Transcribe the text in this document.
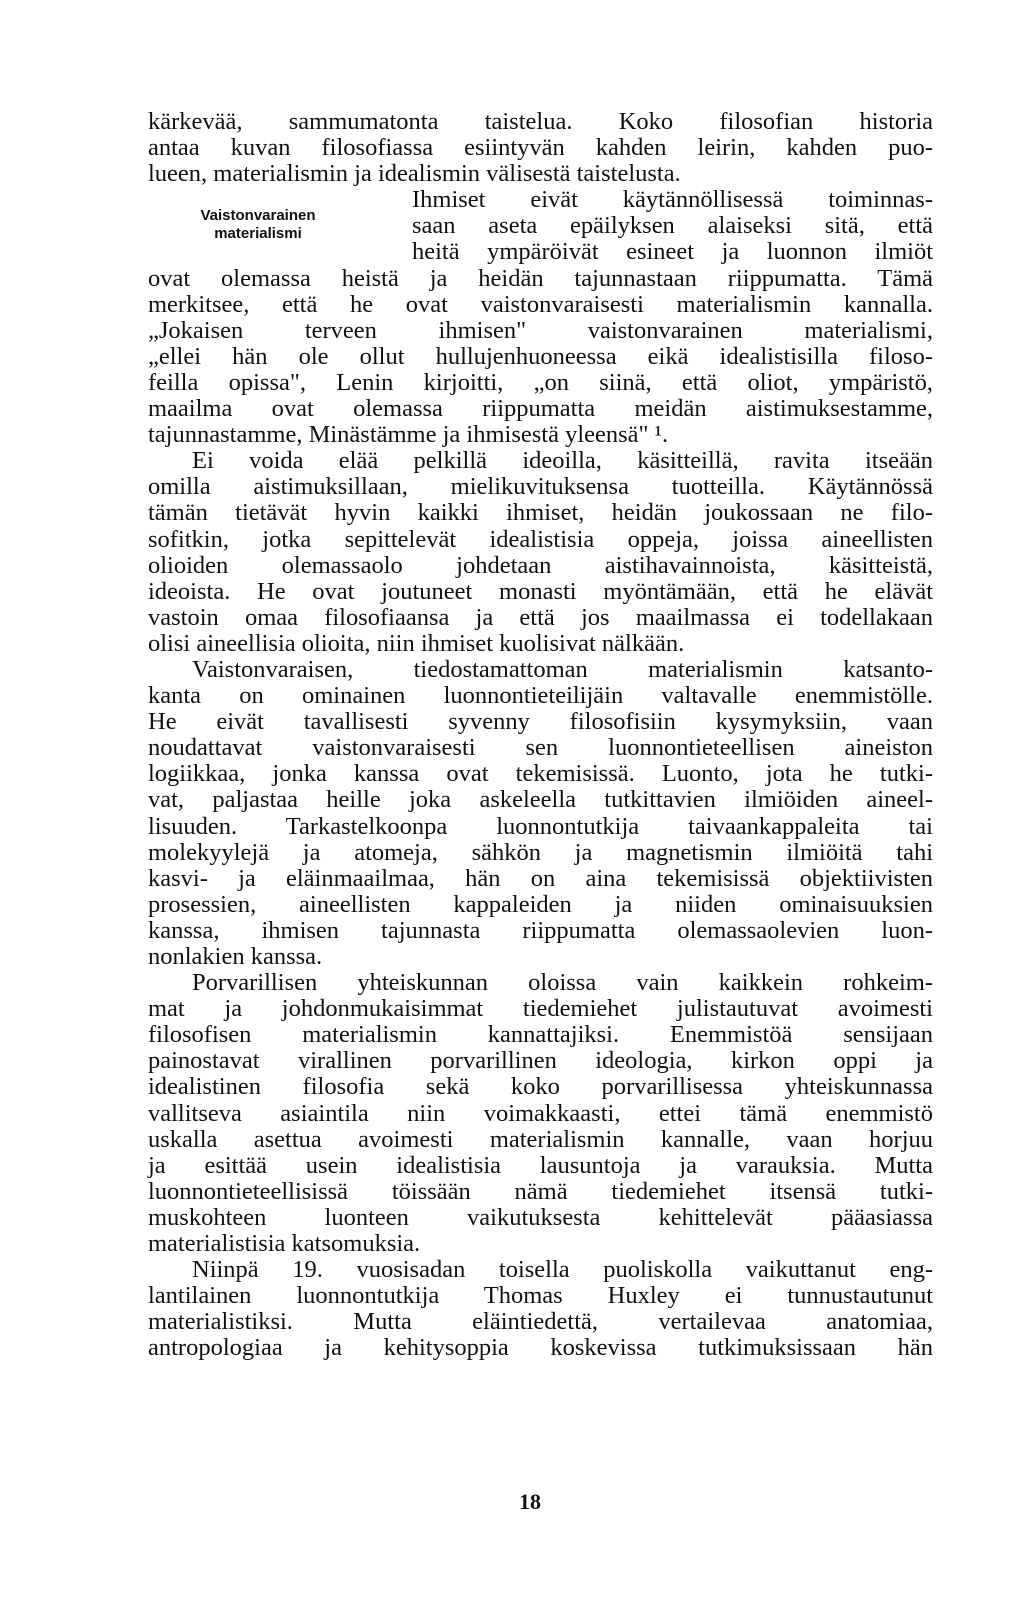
Vaistonvarainen
materialismi
kärkevää, sammumatonta taistelua. Koko filosofian historia
antaa kuvan filosofiassa esiintyvän kahden leirin, kahden puo-
lueen, materialismin ja idealismin välisestä taistelusta.
Ihmiset eivät käytännöllisessä toiminnas-
saan aseta epäilyksen alaiseksi sitä, että
heitä ympäröivät esineet ja luonnon ilmiöt
ovat olemassa heistä ja heidän tajunnastaan riippumatta. Tämä
merkitsee, että he ovat vaistonvaraisesti materialismin kannalla.
„Jokaisen terveen ihmisen" vaistonvarainen materialismi,
„ellei hän ole ollut hullujenhuoneessa eikä idealistisilla filoso-
feilla opissa", Lenin kirjoitti, „on siinä, että oliot, ympäristö,
maailma ovat olemassa riippumatta meidän aistimuksestamme,
tajunnastamme, Minästämme ja ihmisestä yleensä" ¹.
Ei voida elää pelkillä ideoilla, käsitteillä, ravita itseään
omilla aistimuksillaan, mielikuvituksensa tuotteilla. Käytännössä
tämän tietävät hyvin kaikki ihmiset, heidän joukossaan ne filo-
sofitkin, jotka sepittelevät idealistisia oppeja, joissa aineellisten
olioiden olemassaolo johdetaan aistihavainnoista, käsitteistä,
ideoista. He ovat joutuneet monasti myöntämään, että he elävät
vastoin omaa filosofiaansa ja että jos maailmassa ei todellakaan
olisi aineellisia olioita, niin ihmiset kuolisivat nälkään.
Vaistonvaraisen, tiedostamattoman materialismin katsanto-
kanta on ominainen luonnontieteilijäin valtavalle enemmistölle.
He eivät tavallisesti syvenny filosofisiin kysymyksiin, vaan
noudattavat vaistonvaraisesti sen luonnontieteellisen aineiston
logiikkaa, jonka kanssa ovat tekemisissä. Luonto, jota he tutki-
vat, paljastaa heille joka askeleella tutkittavien ilmiöiden aineel-
lisuuden. Tarkastelkoonpa luonnontutkija taivaankappaleita tai
molekyylejä ja atomeja, sähkön ja magnetismin ilmiöitä tahi
kasvi- ja eläinmaailmaa, hän on aina tekemisissä objektiivisten
prosessien, aineellisten kappaleiden ja niiden ominaisuuksien
kanssa, ihmisen tajunnasta riippumatta olemassaolevien luon-
nonlakien kanssa.
Porvarillisen yhteiskunnan oloissa vain kaikkein rohkeim-
mat ja johdonmukaisimmat tiedemiehet julistautuvat avoimesti
filosofisen materialismin kannattajiksi. Enemmistöä sensijaan
painostavat virallinen porvarillinen ideologia, kirkon oppi ja
idealistinen filosofia sekä koko porvarillisessa yhteiskunnassa
vallitseva asiaintila niin voimakkaasti, ettei tämä enemmistö
uskalla asettua avoimesti materialismin kannalle, vaan horjuu
ja esittää usein idealistisia lausuntoja ja varauksia. Mutta
luonnontieteellisissä töissään nämä tiedemiehet itsensä tutki-
muskohteen luonteen vaikutuksesta kehittelevät pääasiassa
materialistisia katsomuksia.
Niinpä 19. vuosisadan toisella puoliskolla vaikuttanut eng-
lantilainen luonnontutkija Thomas Huxley ei tunnustautunut
materialistiksi. Mutta eläintiedettä, vertailevaa anatomiaa,
antropologiaa ja kehitysoppia koskevissa tutkimuksissaan hän
18
